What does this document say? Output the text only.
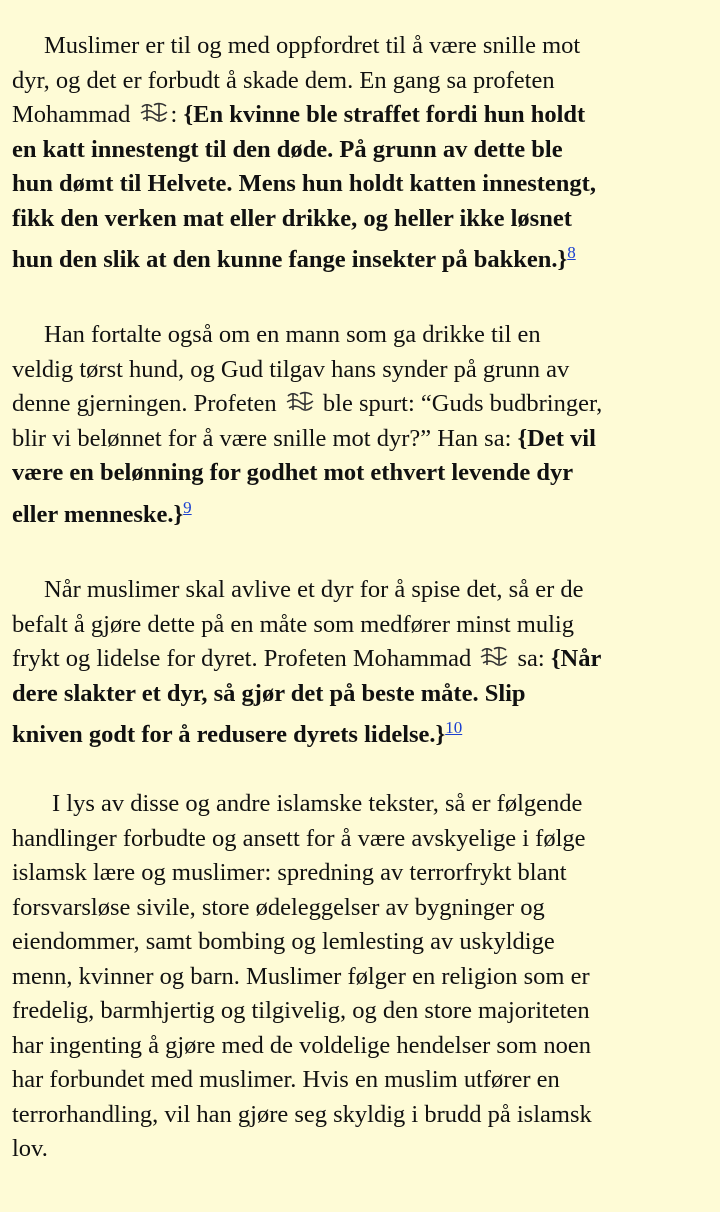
Muslimer er til og med oppfordret til å være snille mot
dyr, og det er forbudt å skade dem. En gang sa profeten
Mohammad : {En kvinne ble straffet fordi hun holdt
en katt innestengt til den døde. På grunn av dette ble
hun dømt til Helvete. Mens hun holdt katten innestengt,
fikk den verken mat eller drikke, og heller ikke løsnet
hun den slik at den kunne fange insekter på bakken.}$^8$
Han fortalte også om en mann som ga drikke til en
veldig tørst hund, og Gud tilgav hans synder på grunn av
denne gjerningen. Profeten  ble spurt: “Guds budbringer,
blir vi belønnet for å være snille mot dyr?” Han sa: {Det vil
være en belønning for godhet mot ethvert levende dyr
eller menneske.}$^9$
Når muslimer skal avlive et dyr for å spise det, så er de
befalt å gjøre dette på en måte som medfører minst mulig
frykt og lidelse for dyret. Profeten Mohammad  sa: {Når
dere slakter et dyr, så gjør det på beste måte. Slip
kniven godt for å redusere dyrets lidelse.}$^{10}$
I lys av disse og andre islamske tekster, så er følgende
handlinger forbudte og ansett for å være avskyelige i følge
islamsk lære og muslimer: spredning av terrorfrykt blant
forsvarsløse sivile, store ødeleggelser av bygninger og
eiendommer, samt bombing og lemlesting av uskyldige
menn, kvinner og barn. Muslimer følger en religion som er
fredelig, barmhjertig og tilgivelig, og den store majoriteten
har ingenting å gjøre med de voldelige hendelser som noen
har forbundet med muslimer. Hvis en muslim utfører en
terrorhandling, vil han gjøre seg skyldig i brudd på islamsk
lov.
